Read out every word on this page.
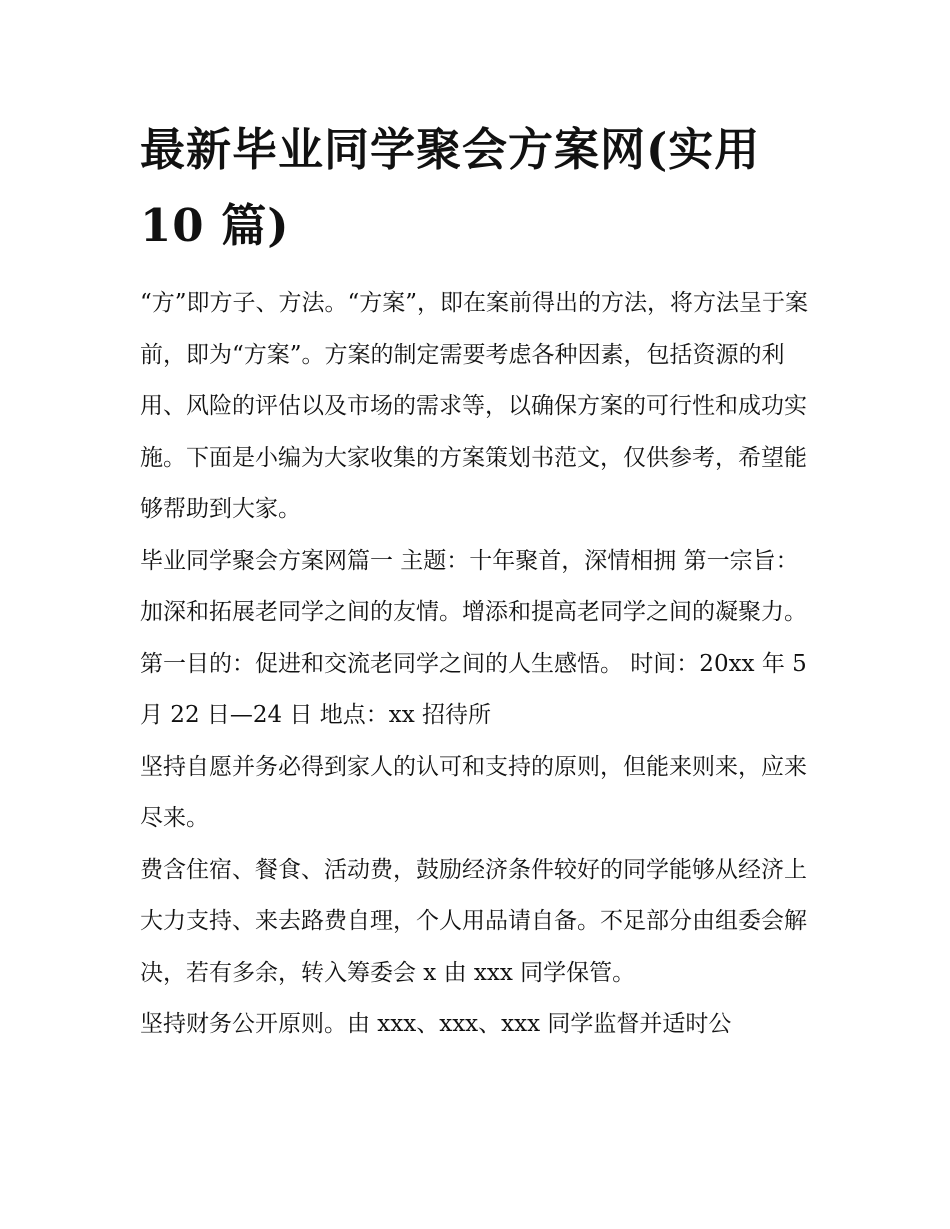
最新毕业同学聚会方案网(实用 10 篇)

“方”即方子、方法。“方案”，即在案前得出的方法，将方法呈于案前，即为“方案”。方案的制定需要考虑各种因素，包括资源的利用、风险的评估以及市场的需求等，以确保方案的可行性和成功实施。下面是小编为大家收集的方案策划书范文，仅供参考，希望能够帮助到大家。

毕业同学聚会方案网篇一 主题：十年聚首，深情相拥 第一宗旨：加深和拓展老同学之间的友情。增添和提高老同学之间的凝聚力。

第一目的：促进和交流老同学之间的人生感悟。 时间：20xx 年 5 月 22 日—24 日 地点：xx 招待所

坚持自愿并务必得到家人的认可和支持的原则，但能来则来，应来尽来。

费含住宿、餐食、活动费，鼓励经济条件较好的同学能够从经济上大力支持、来去路费自理，个人用品请自备。不足部分由组委会解决，若有多余，转入筹委会 x 由 xxx 同学保管。

坚持财务公开原则。由 xxx、xxx、xxx 同学监督并适时公
